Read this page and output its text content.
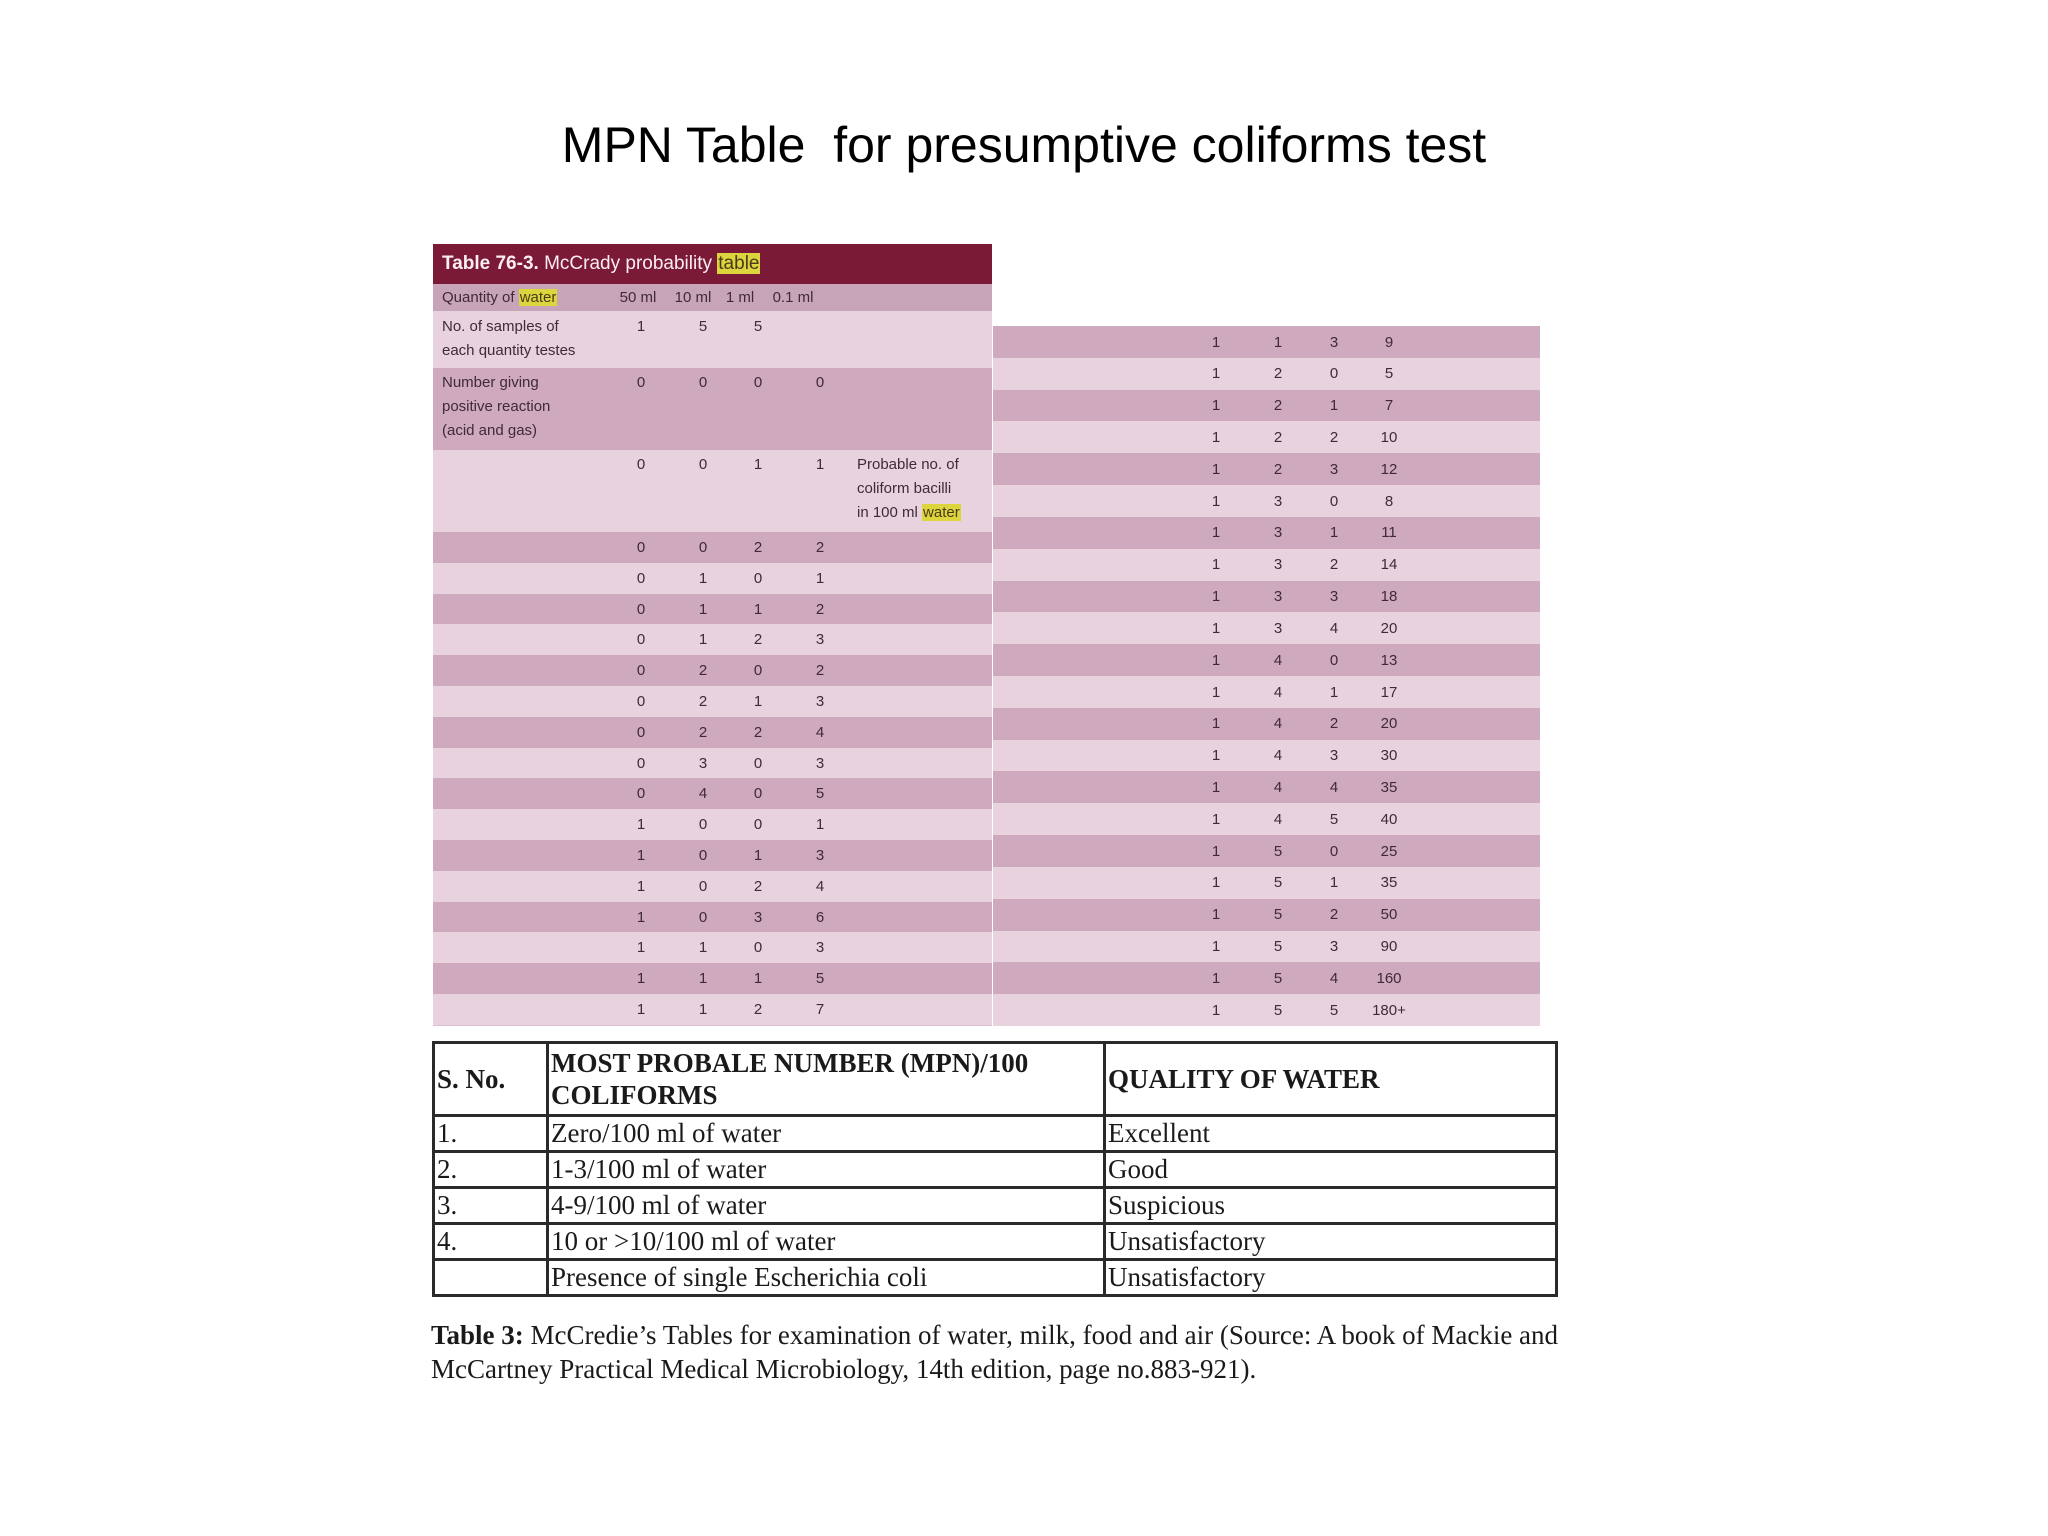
MPN Table  for presumptive coliforms test
Table 76-3. McCrady probability table
Quantity of water	50 ml 10 ml 1 ml	0.1 ml
No. of samples of
each quantity testes
1	5	5
Number giving
positive reaction
(acid and gas)
0	0	0	0
0	0	1	1	Probable no. of
coliform bacilli
in 100 ml water
0	0	2	2
0	1	0	1
0	1	1	2
0	1	2	3
0	2	0	2
0	2	1	3
0	2	2	4
0	3	0	3
0	4	0	5
1	0	0	1
1	0	1	3
1	0	2	4
1	0	3	6
1	1	0	3
1	1	1	5
1	1	2	7
1	1	3	9
1	2	0	5
1	2	1	7
1	2	2	10
1	2	3	12
1	3	0	8
1	3	1	11
1	3	2	14
1	3	3	18
1	3	4	20
1	4	0	13
1	4	1	17
1	4	2	20
1	4	3	30
1	4	4	35
1	4	5	40
1	5	0	25
1	5	1	35
1	5	2	50
1	5	3	90
1	5	4	160
1	5	5	180+
S. No.	MOST PROBALE NUMBER (MPN)/100 COLIFORMS	QUALITY OF WATER
1.	Zero/100 ml of water	Excellent
2.	1-3/100 ml of water	Good
3.	4-9/100 ml of water	Suspicious
4.	10 or >10/100 ml of water	Unsatisfactory
	Presence of single Escherichia coli	Unsatisfactory
Table 3: McCredie’s Tables for examination of water, milk, food and air (Source: A book of Mackie and McCartney Practical Medical Microbiology, 14th edition, page no.883-921).
